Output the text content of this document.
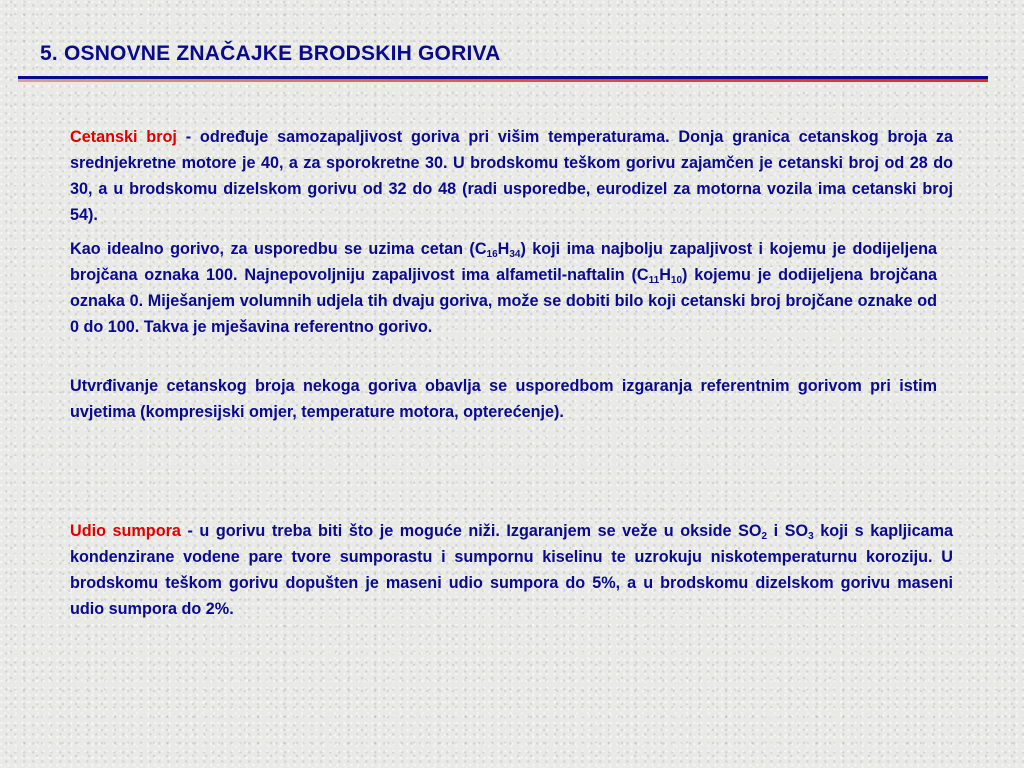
5. OSNOVNE ZNAČAJKE BRODSKIH GORIVA

Cetanski broj - određuje samozapaljivost goriva pri višim temperaturama. Donja granica cetanskog broja za srednjekretne motore je 40, a za sporokretne 30. U brodskomu teškom gorivu zajamčen je cetanski broj od 28 do 30, a u brodskomu dizelskom gorivu od 32 do 48 (radi usporedbe, eurodizel za motorna vozila ima cetanski broj 54).

Kao idealno gorivo, za usporedbu se uzima cetan $(C_{16}H_{34})$ koji ima najbolju zapaljivost i kojemu je dodijeljena brojčana oznaka 100. Najnepovoljniju zapaljivost ima alfametil-naftalin $(C_{11}H_{10})$ kojemu je dodijeljena brojčana oznaka 0. Miješanjem volumnih udjela tih dvaju goriva, može se dobiti bilo koji cetanski broj brojčane oznake od 0 do 100. Takva je mješavina referentno gorivo.

Utvrđivanje cetanskog broja nekoga goriva obavlja se usporedbom izgaranja referentnim gorivom pri istim uvjetima (kompresijski omjer, temperature motora, opterećenje).

Udio sumpora - u gorivu treba biti što je moguće niži. Izgaranjem se veže u okside $SO_2$ i $SO_3$ koji s kapljicama kondenzirane vodene pare tvore sumporastu i sumpornu kiselinu te uzrokuju niskotemperaturnu koroziju. U brodskomu teškom gorivu dopušten je maseni udio sumpora do 5%, a u brodskomu dizelskom gorivu maseni udio sumpora do 2%.
